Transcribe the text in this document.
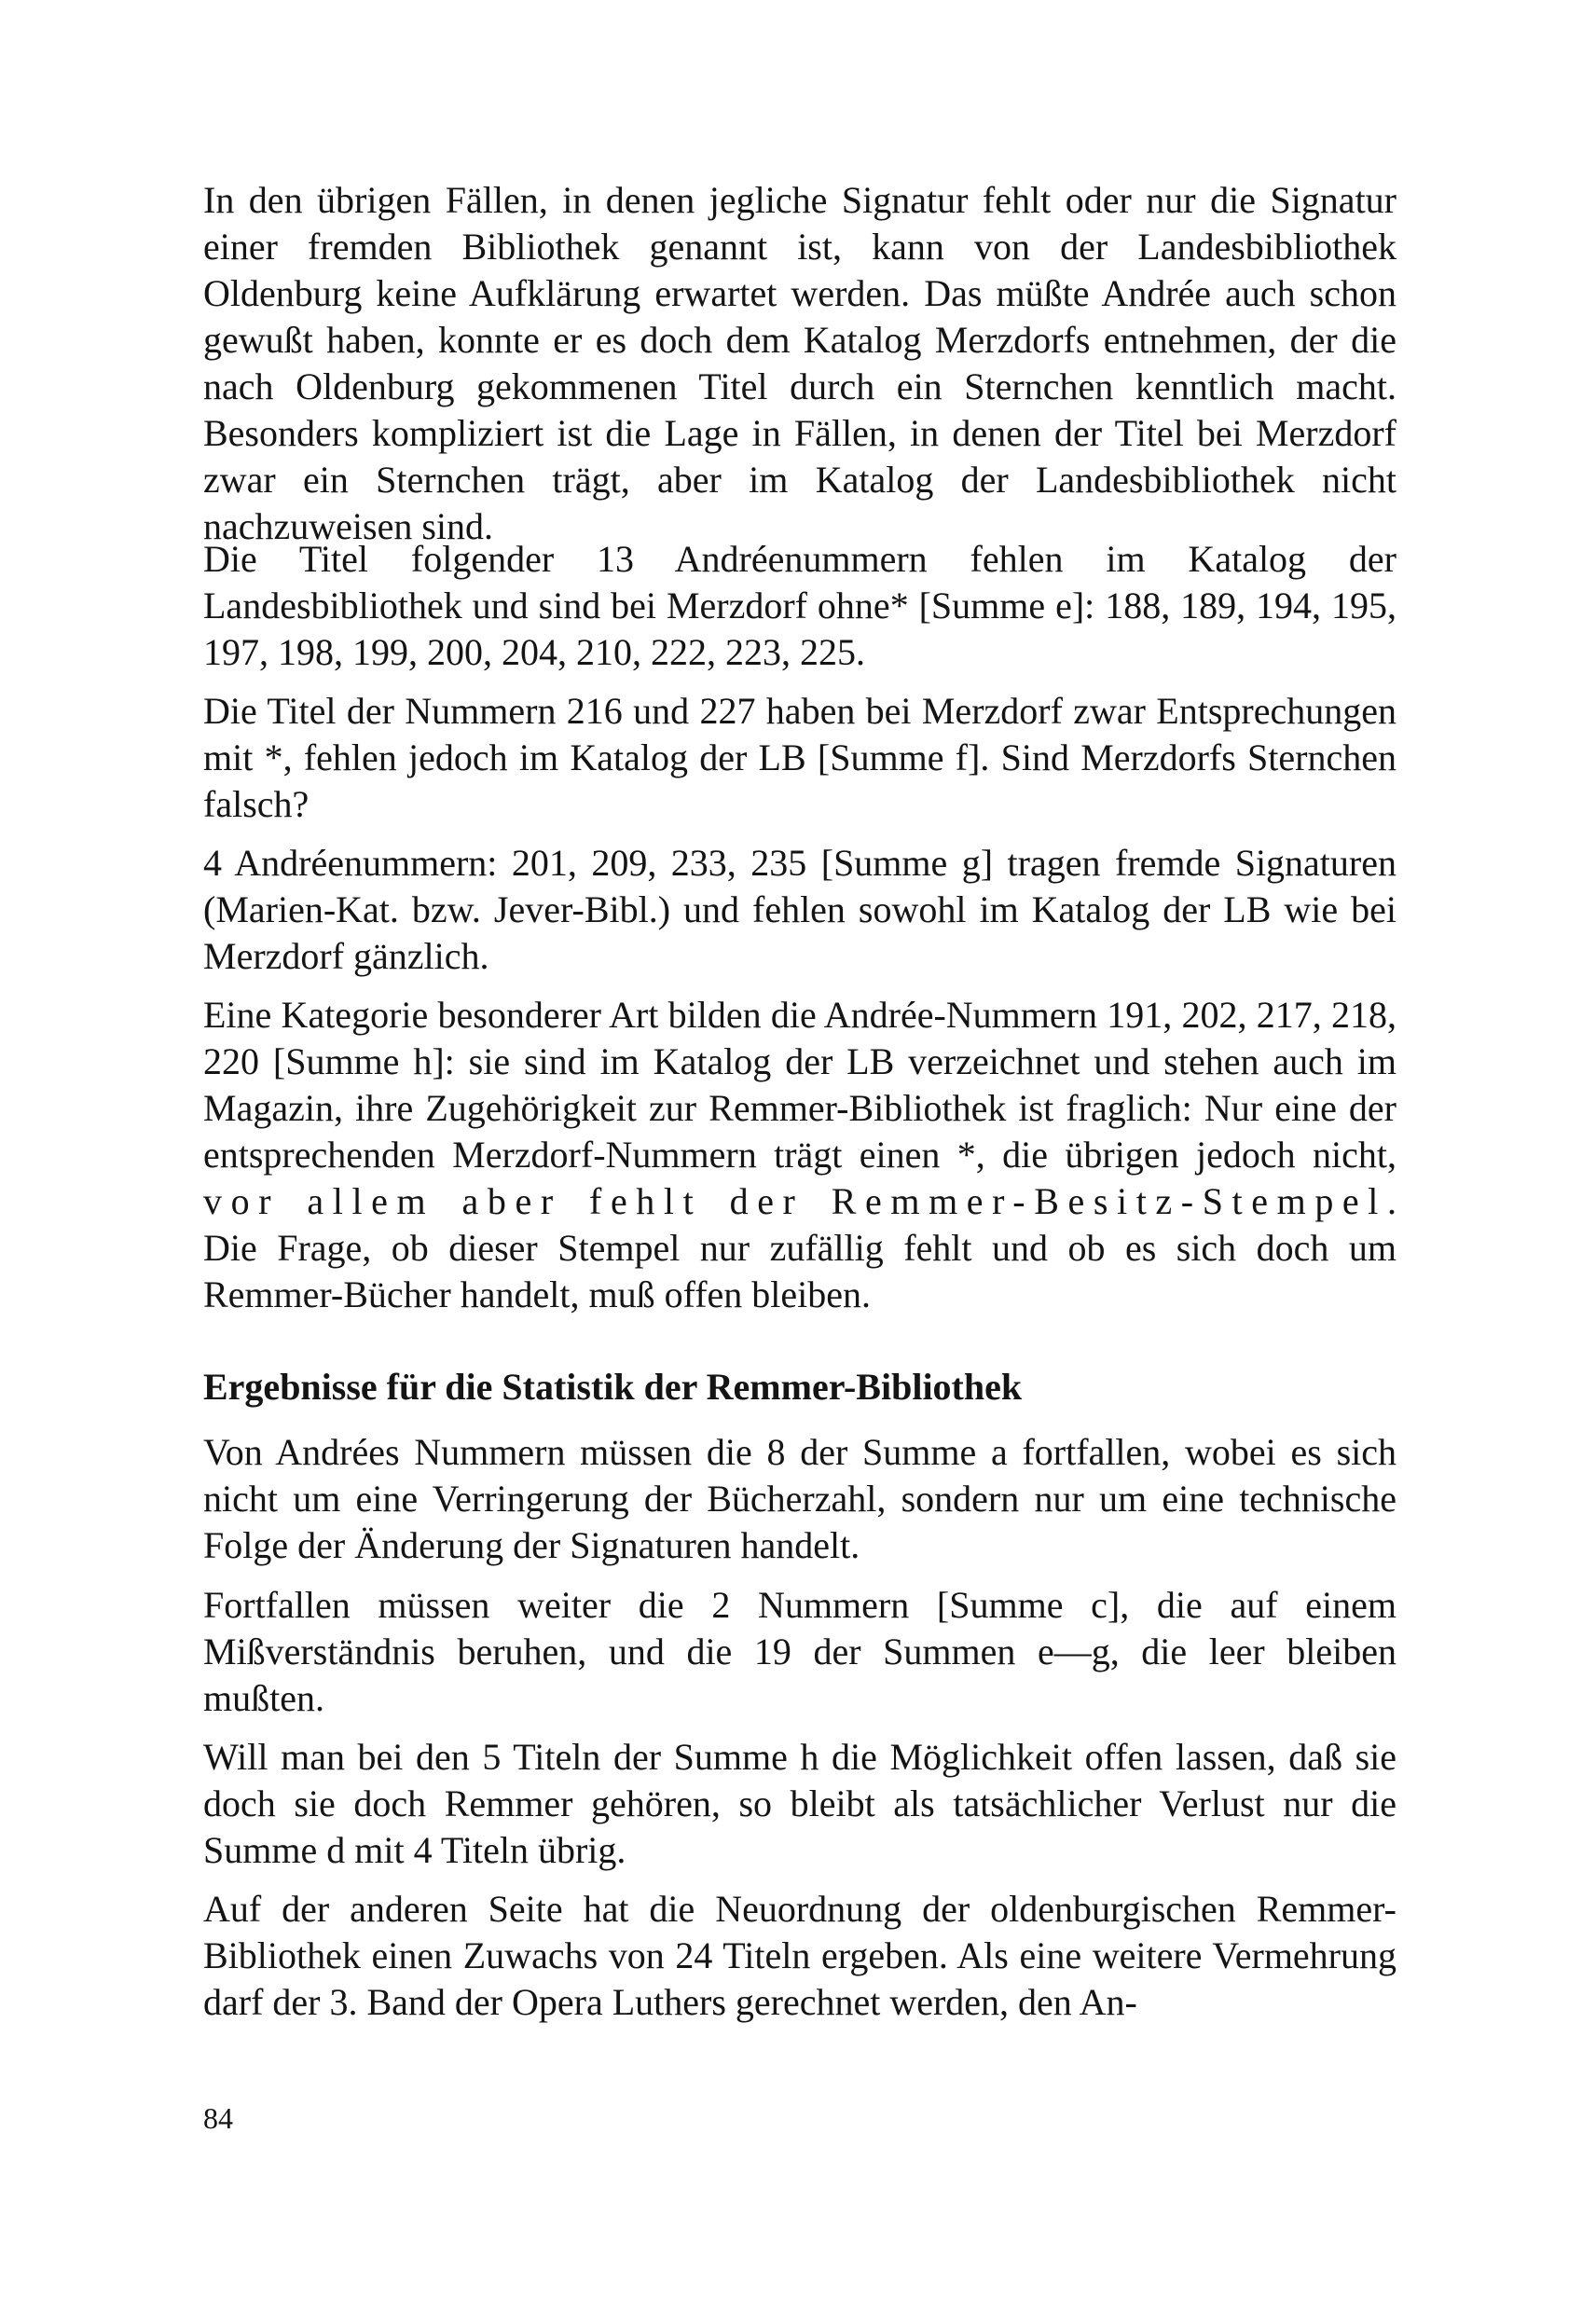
In den übrigen Fällen, in denen jegliche Signatur fehlt oder nur die Signatur einer fremden Bibliothek genannt ist, kann von der Landesbibliothek Oldenburg keine Aufklärung erwartet werden. Das müßte Andrée auch schon gewußt haben, konnte er es doch dem Katalog Merzdorfs entnehmen, der die nach Oldenburg gekommenen Titel durch ein Sternchen kenntlich macht. Besonders kompliziert ist die Lage in Fällen, in denen der Titel bei Merzdorf zwar ein Sternchen trägt, aber im Katalog der Landesbibliothek nicht nachzuweisen sind.

Die Titel folgender 13 Andréenummern fehlen im Katalog der Landesbibliothek und sind bei Merzdorf ohne* [Summe e]: 188, 189, 194, 195, 197, 198, 199, 200, 204, 210, 222, 223, 225.

Die Titel der Nummern 216 und 227 haben bei Merzdorf zwar Entsprechungen mit *, fehlen jedoch im Katalog der LB [Summe f]. Sind Merzdorfs Sternchen falsch?

4 Andréenummern: 201, 209, 233, 235 [Summe g] tragen fremde Signaturen (Marien-Kat. bzw. Jever-Bibl.) und fehlen sowohl im Katalog der LB wie bei Merzdorf gänzlich.

Eine Kategorie besonderer Art bilden die Andrée-Nummern 191, 202, 217, 218, 220 [Summe h]: sie sind im Katalog der LB verzeichnet und stehen auch im Magazin, ihre Zugehörigkeit zur Remmer-Bibliothek ist fraglich: Nur eine der entsprechenden Merzdorf-Nummern trägt einen *, die übrigen jedoch nicht, vor allem aber fehlt der Remmer-Besitz-Stempel. Die Frage, ob dieser Stempel nur zufällig fehlt und ob es sich doch um Remmer-Bücher handelt, muß offen bleiben.

Ergebnisse für die Statistik der Remmer-Bibliothek

Von Andrées Nummern müssen die 8 der Summe a fortfallen, wobei es sich nicht um eine Verringerung der Bücherzahl, sondern nur um eine technische Folge der Änderung der Signaturen handelt.

Fortfallen müssen weiter die 2 Nummern [Summe c], die auf einem Mißverständnis beruhen, und die 19 der Summen e—g, die leer bleiben mußten.

Will man bei den 5 Titeln der Summe h die Möglichkeit offen lassen, daß sie doch sie doch Remmer gehören, so bleibt als tatsächlicher Verlust nur die Summe d mit 4 Titeln übrig.

Auf der anderen Seite hat die Neuordnung der oldenburgischen Remmer-Bibliothek einen Zuwachs von 24 Titeln ergeben. Als eine weitere Vermehrung darf der 3. Band der Opera Luthers gerechnet werden, den An-

84
